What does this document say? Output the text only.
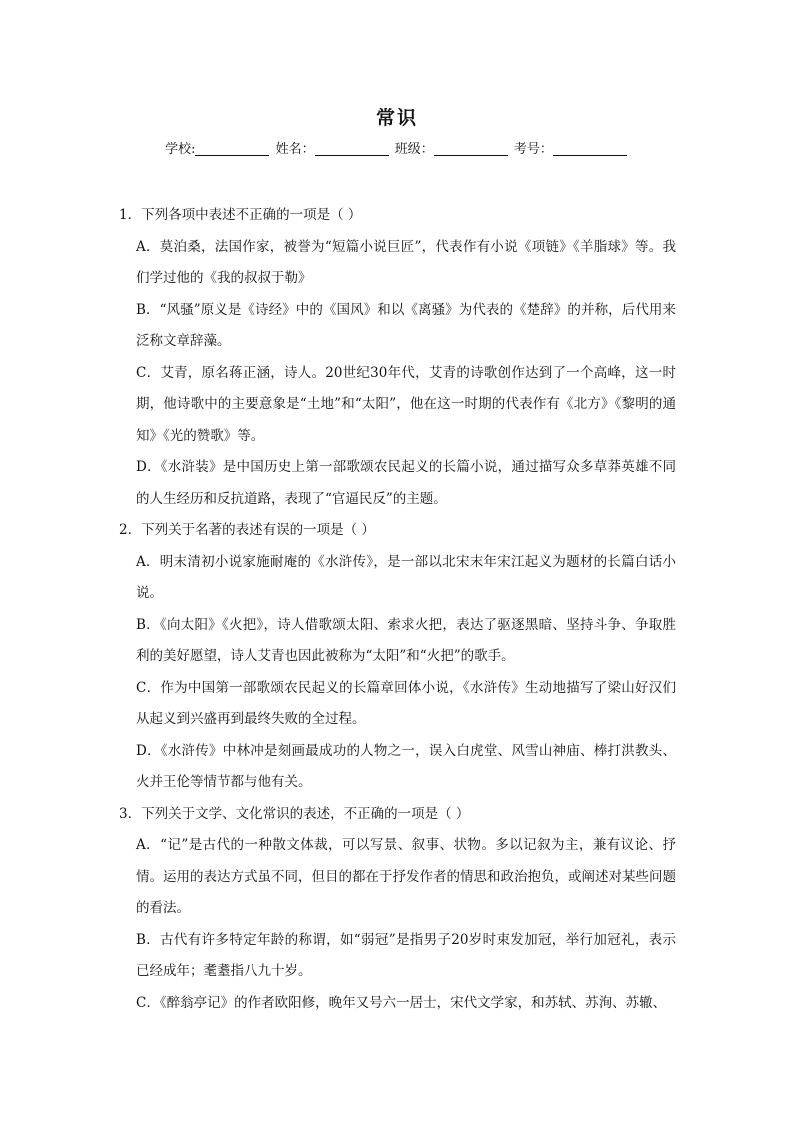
常识
学校:	姓名：	班级：	考号：

1．下列各项中表述不正确的一项是（ ）

A．莫泊桑，法国作家，被誉为“短篇小说巨匠”，代表作有小说《项链》《羊脂球》等。我们学过他的《我的叔叔于勒》

B．“风骚”原义是《诗经》中的《国风》和以《离骚》为代表的《楚辞》的并称，后代用来泛称文章辞藻。

C．艾青，原名蒋正涵，诗人。20世纪30年代，艾青的诗歌创作达到了一个高峰，这一时期，他诗歌中的主要意象是“土地”和“太阳”，他在这一时期的代表作有《北方》《黎明的通知》《光的赞歌》等。

D．《水浒装》是中国历史上第一部歌颂农民起义的长篇小说，通过描写众多草莽英雄不同的人生经历和反抗道路，表现了“官逼民反”的主题。

2．下列关于名著的表述有误的一项是（ ）

A．明末清初小说家施耐庵的《水浒传》，是一部以北宋末年宋江起义为题材的长篇白话小说。

B．《向太阳》《火把》，诗人借歌颂太阳、索求火把，表达了驱逐黑暗、坚持斗争、争取胜利的美好愿望，诗人艾青也因此被称为“太阳”和“火把”的歌手。

C．作为中国第一部歌颂农民起义的长篇章回体小说，《水浒传》生动地描写了梁山好汉们从起义到兴盛再到最终失败的全过程。

D．《水浒传》中林冲是刻画最成功的人物之一，误入白虎堂、风雪山神庙、棒打洪教头、火并王伦等情节都与他有关。

3．下列关于文学、文化常识的表述，不正确的一项是（ ）

A．“记”是古代的一种散文体裁，可以写景、叙事、状物。多以记叙为主，兼有议论、抒情。运用的表达方式虽不同，但目的都在于抒发作者的情思和政治抱负，或阐述对某些问题的看法。

B．古代有许多特定年龄的称谓，如“弱冠”是指男子20岁时束发加冠，举行加冠礼，表示已经成年；耄耋指八九十岁。

C．《醉翁亭记》的作者欧阳修，晚年又号六一居士，宋代文学家，和苏轼、苏洵、苏辙、
